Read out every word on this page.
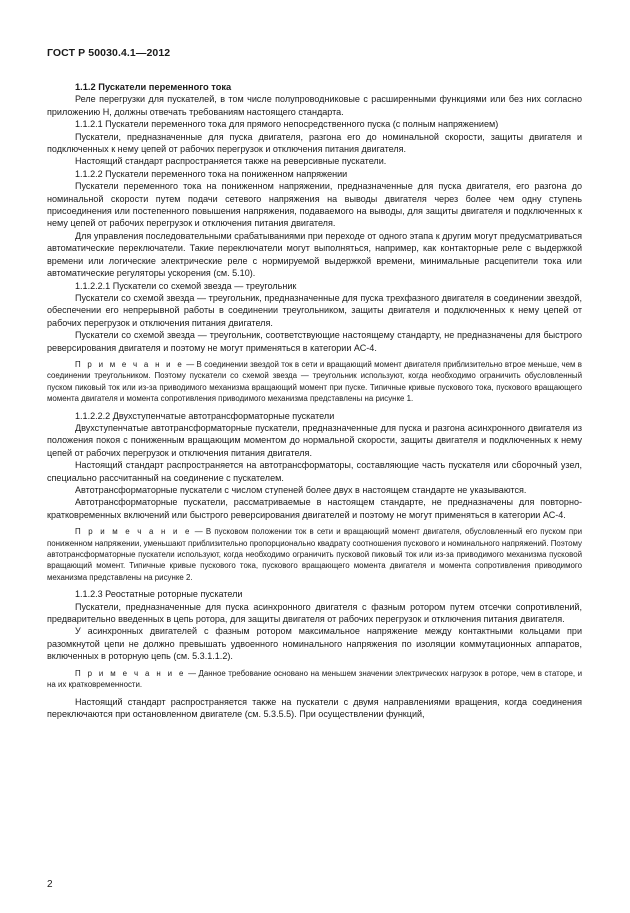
ГОСТ Р 50030.4.1—2012

1.1.2 Пускатели переменного тока

Реле перегрузки для пускателей, в том числе полупроводниковые с расширенными функциями или без них согласно приложению Н, должны отвечать требованиям настоящего стандарта.

1.1.2.1 Пускатели переменного тока для прямого непосредственного пуска (с полным напряжением)

Пускатели, предназначенные для пуска двигателя, разгона его до номинальной скорости, защиты двигателя и подключенных к нему цепей от рабочих перегрузок и отключения питания двигателя.

Настоящий стандарт распространяется также на реверсивные пускатели.

1.1.2.2 Пускатели переменного тока на пониженном напряжении

Пускатели переменного тока на пониженном напряжении, предназначенные для пуска двигателя, его разгона до номинальной скорости путем подачи сетевого напряжения на выводы двигателя через более чем одну ступень присоединения или постепенного повышения напряжения, подаваемого на выводы, для защиты двигателя и подключенных к нему цепей от рабочих перегрузок и отключения питания двигателя.

Для управления последовательными срабатываниями при переходе от одного этапа к другим могут предусматриваться автоматические переключатели. Такие переключатели могут выполняться, например, как контакторные реле с выдержкой времени или логические электрические реле с нормируемой выдержкой времени, минимальные расцепители тока или автоматические регуляторы ускорения (см. 5.10).

1.1.2.2.1 Пускатели со схемой звезда — треугольник

Пускатели со схемой звезда — треугольник, предназначенные для пуска трехфазного двигателя в соединении звездой, обеспечении его непрерывной работы в соединении треугольником, защиты двигателя и подключенных к нему цепей от рабочих перегрузок и отключения питания двигателя.

Пускатели со схемой звезда — треугольник, соответствующие настоящему стандарту, не предназначены для быстрого реверсирования двигателя и поэтому не могут применяться в категории АС-4.

П р и м е ч а н и е — В соединении звездой ток в сети и вращающий момент двигателя приблизительно втрое меньше, чем в соединении треугольником. Поэтому пускатели со схемой звезда — треугольник используют, когда необходимо ограничить обусловленный пуском пиковый ток или из-за приводимого механизма вращающий момент при пуске. Типичные кривые пускового тока, пускового вращающего момента двигателя и момента сопротивления приводимого механизма представлены на рисунке 1.

1.1.2.2.2 Двухступенчатые автотрансформаторные пускатели

Двухступенчатые автотрансформаторные пускатели, предназначенные для пуска и разгона асинхронного двигателя из положения покоя с пониженным вращающим моментом до нормальной скорости, защиты двигателя и подключенных к нему цепей от рабочих перегрузок и отключения питания двигателя.

Настоящий стандарт распространяется на автотрансформаторы, составляющие часть пускателя или сборочный узел, специально рассчитанный на соединение с пускателем.

Автотрансформаторные пускатели с числом ступеней более двух в настоящем стандарте не указываются.

Автотрансформаторные пускатели, рассматриваемые в настоящем стандарте, не предназначены для повторно-кратковременных включений или быстрого реверсирования двигателей и поэтому не могут применяться в категории АС-4.

П р и м е ч а н и е — В пусковом положении ток в сети и вращающий момент двигателя, обусловленный его пуском при пониженном напряжении, уменьшают приблизительно пропорционально квадрату соотношения пускового и номинального напряжений. Поэтому автотрансформаторные пускатели используют, когда необходимо ограничить пусковой пиковый ток или из-за приводимого механизма пусковой вращающий момент. Типичные кривые пускового тока, пускового вращающего момента двигателя и момента сопротивления приводимого механизма представлены на рисунке 2.

1.1.2.3 Реостатные роторные пускатели

Пускатели, предназначенные для пуска асинхронного двигателя с фазным ротором путем отсечки сопротивлений, предварительно введенных в цепь ротора, для защиты двигателя от рабочих перегрузок и отключения питания двигателя.

У асинхронных двигателей с фазным ротором максимальное напряжение между контактными кольцами при разомкнутой цепи не должно превышать удвоенного номинального напряжения по изоляции коммутационных аппаратов, включенных в роторную цепь (см. 5.3.1.1.2).

П р и м е ч а н и е — Данное требование основано на меньшем значении электрических нагрузок в роторе, чем в статоре, и на их кратковременности.

Настоящий стандарт распространяется также на пускатели с двумя направлениями вращения, когда соединения переключаются при остановленном двигателе (см. 5.3.5.5). При осуществлении функций,

2
